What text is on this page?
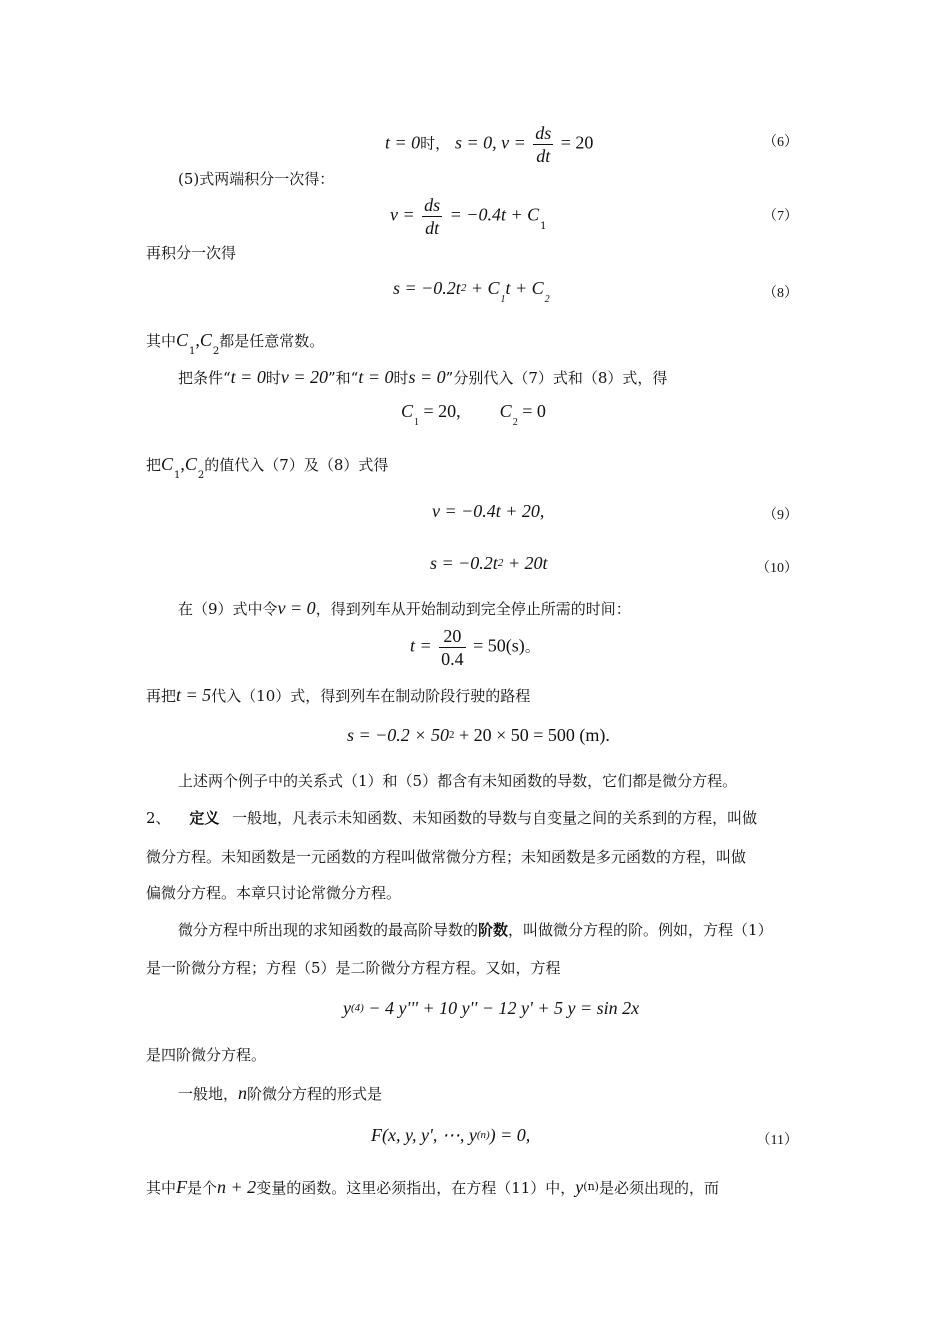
t = 0时， s = 0, $v = \frac{ds}{dt} = 20$	（6）
(5)式两端积分一次得：
$v = \frac{ds}{dt} = -0.4t + C_1$
（7）
再积分一次得
$s = -0.2t2 + C_1t + C_2$	（8）
其中$C_1,C_2$都是任意常数。
把条件“t = 0时v = 20”和“t = 0时s = 0”分别代入（7）式和（8）式，得
$C_1 = 20$, $C_2 = 0$
把$C_1,C_2$的值代入（7）及（8）式得
v = −0.4t + 20,	（9）
s = −0.2t2 + 20t	（10）
在（9）式中令v = 0，得到列车从开始制动到完全停止所需的时间：
$t = \frac{20}{0.4} = 50(s)$。
再把t = 5代入（10）式，得到列车在制动阶段行驶的路程
s = −0.2 × 502 + 20 × 50 = 500 (m).
上述两个例子中的关系式（1）和（5）都含有未知函数的导数，它们都是微分方程。
2、 定义 一般地，凡表示未知函数、未知函数的导数与自变量之间的关系到的方程，叫做
微分方程。未知函数是一元函数的方程叫做常微分方程；未知函数是多元函数的方程，叫做
偏微分方程。本章只讨论常微分方程。
微分方程中所出现的求知函数的最高阶导数的阶数，叫做微分方程的阶。例如，方程（1）
是一阶微分方程；方程（5）是二阶微分方程方程。又如，方程
y(4) − 4 y''' + 10 y'' − 12 y' + 5 y = sin 2x
是四阶微分方程。
一般地，n阶微分方程的形式是
F(x, y, y', ⋯, y(n)) = 0,	（11）
其中F是个n + 2变量的函数。这里必须指出，在方程（11）中，$y^{(n)}$是必须出现的，而
